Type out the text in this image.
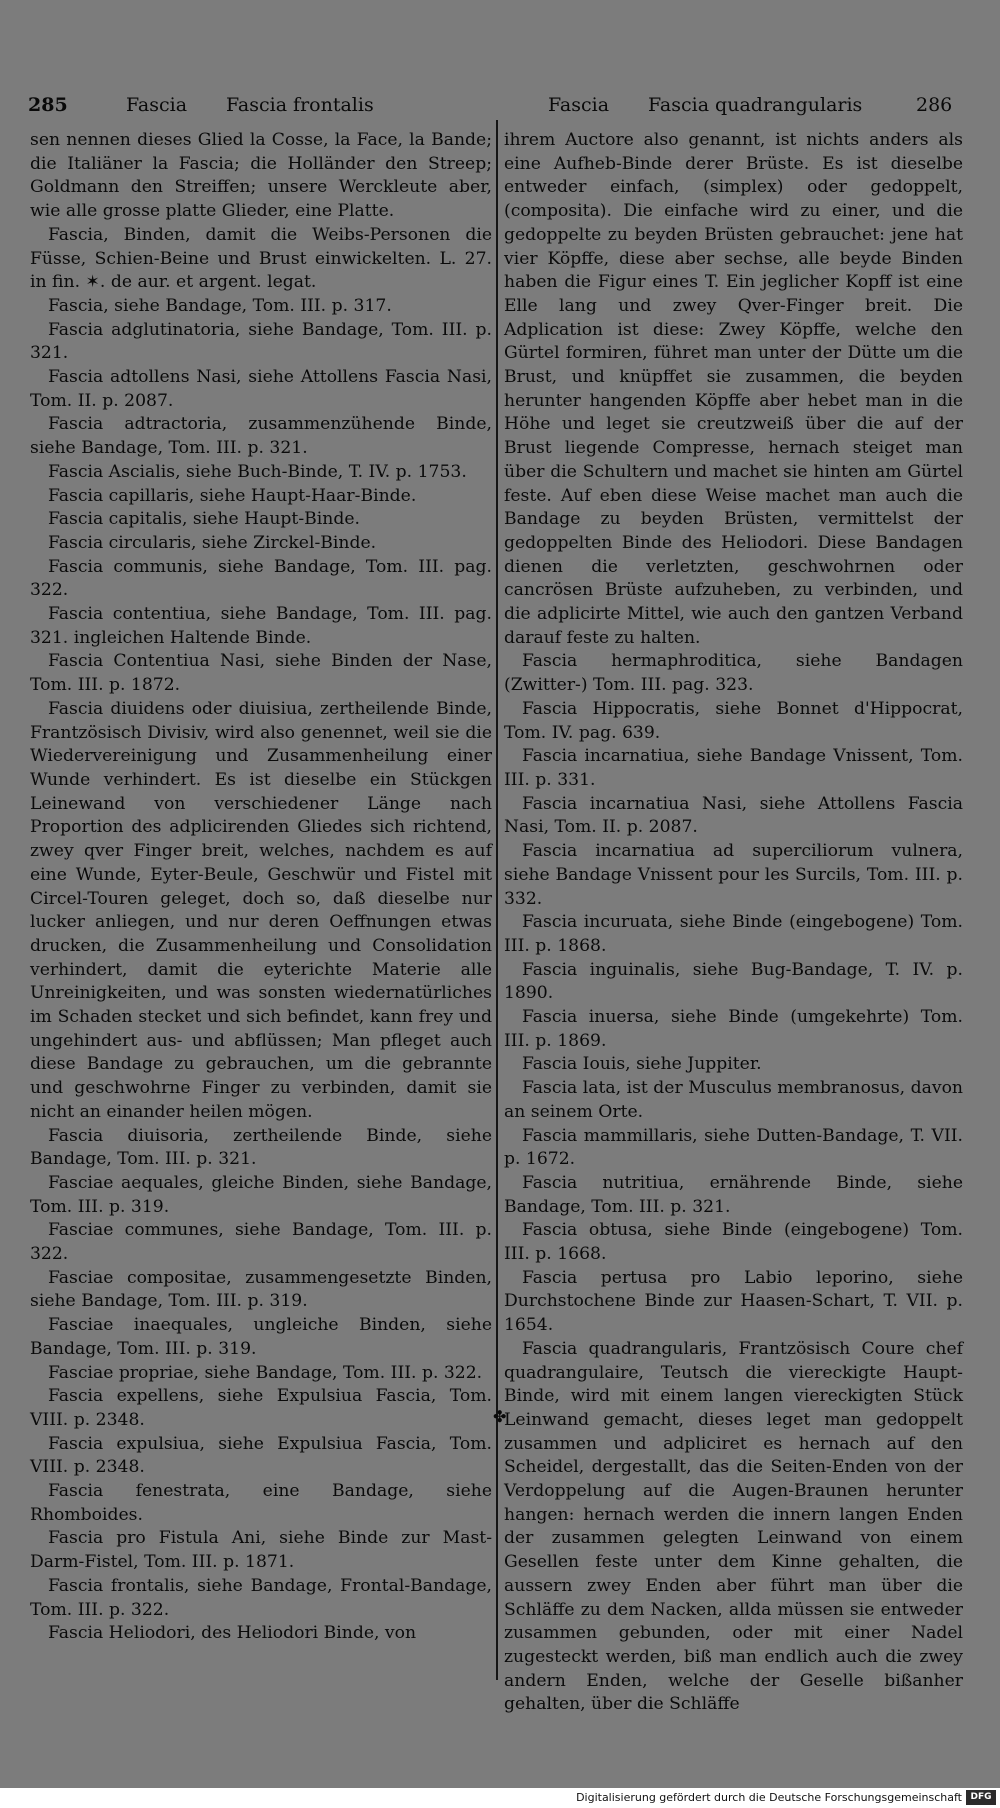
285	Fascia Fascia frontalis	Fascia Fascia quadrangularis	286
✤

sen nennen dieses Glied la Cosse, la Face, la Bande; die Italiäner la Fascia; die Holländer den Streep; Goldmann den Streiffen; unsere Werckleute aber, wie alle grosse platte Glieder, eine Platte.

Fascia, Binden, damit die Weibs-Personen die Füsse, Schien-Beine und Brust einwickelten. L. 27. in fin. ✶. de aur. et argent. legat.

Fascia, siehe Bandage, Tom. III. p. 317.

Fascia adglutinatoria, siehe Bandage, Tom. III. p. 321.

Fascia adtollens Nasi, siehe Attollens Fascia Nasi, Tom. II. p. 2087.

Fascia adtractoria, zusammenzühende Binde, siehe Bandage, Tom. III. p. 321.

Fascia Ascialis, siehe Buch-Binde, T. IV. p. 1753.

Fascia capillaris, siehe Haupt-Haar-Binde.

Fascia capitalis, siehe Haupt-Binde.

Fascia circularis, siehe Zirckel-Binde.

Fascia communis, siehe Bandage, Tom. III. pag. 322.

Fascia contentiua, siehe Bandage, Tom. III. pag. 321. ingleichen Haltende Binde.

Fascia Contentiua Nasi, siehe Binden der Nase, Tom. III. p. 1872.

Fascia diuidens oder diuisiua, zertheilende Binde, Frantzösisch Divisiv, wird also genennet, weil sie die Wiedervereinigung und Zusammenheilung einer Wunde verhindert. Es ist dieselbe ein Stückgen Leinewand von verschiedener Länge nach Proportion des adplicirenden Gliedes sich richtend, zwey qver Finger breit, welches, nachdem es auf eine Wunde, Eyter-Beule, Geschwür und Fistel mit Circel-Touren geleget, doch so, daß dieselbe nur lucker anliegen, und nur deren Oeffnungen etwas drucken, die Zusammenheilung und Consolidation verhindert, damit die eyterichte Materie alle Unreinigkeiten, und was sonsten wiedernatürliches im Schaden stecket und sich befindet, kann frey und ungehindert aus- und abflüssen; Man pfleget auch diese Bandage zu gebrauchen, um die gebrannte und geschwohrne Finger zu verbinden, damit sie nicht an einander heilen mögen.

Fascia diuisoria, zertheilende Binde, siehe Bandage, Tom. III. p. 321.

Fasciae aequales, gleiche Binden, siehe Bandage, Tom. III. p. 319.

Fasciae communes, siehe Bandage, Tom. III. p. 322.

Fasciae compositae, zusammengesetzte Binden, siehe Bandage, Tom. III. p. 319.

Fasciae inaequales, ungleiche Binden, siehe Bandage, Tom. III. p. 319.

Fasciae propriae, siehe Bandage, Tom. III. p. 322.

Fascia expellens, siehe Expulsiua Fascia, Tom. VIII. p. 2348.

Fascia expulsiua, siehe Expulsiua Fascia, Tom. VIII. p. 2348.

Fascia fenestrata, eine Bandage, siehe Rhomboides.

Fascia pro Fistula Ani, siehe Binde zur Mast-Darm-Fistel, Tom. III. p. 1871.

Fascia frontalis, siehe Bandage, Frontal-Bandage, Tom. III. p. 322.

Fascia Heliodori, des Heliodori Binde, von

ihrem Auctore also genannt, ist nichts anders als eine Aufheb-Binde derer Brüste. Es ist dieselbe entweder einfach, (simplex) oder gedoppelt, (composita). Die einfache wird zu einer, und die gedoppelte zu beyden Brüsten gebrauchet: jene hat vier Köpffe, diese aber sechse, alle beyde Binden haben die Figur eines T. Ein jeglicher Kopff ist eine Elle lang und zwey Qver-Finger breit. Die Adplication ist diese: Zwey Köpffe, welche den Gürtel formiren, führet man unter der Dütte um die Brust, und knüpffet sie zusammen, die beyden herunter hangenden Köpffe aber hebet man in die Höhe und leget sie creutzweiß über die auf der Brust liegende Compresse, hernach steiget man über die Schultern und machet sie hinten am Gürtel feste. Auf eben diese Weise machet man auch die Bandage zu beyden Brüsten, vermittelst der gedoppelten Binde des Heliodori. Diese Bandagen dienen die verletzten, geschwohrnen oder cancrösen Brüste aufzuheben, zu verbinden, und die adplicirte Mittel, wie auch den gantzen Verband darauf feste zu halten.

Fascia hermaphroditica, siehe Bandagen (Zwitter-) Tom. III. pag. 323.

Fascia Hippocratis, siehe Bonnet d'Hippocrat, Tom. IV. pag. 639.

Fascia incarnatiua, siehe Bandage Vnissent, Tom. III. p. 331.

Fascia incarnatiua Nasi, siehe Attollens Fascia Nasi, Tom. II. p. 2087.

Fascia incarnatiua ad superciliorum vulnera, siehe Bandage Vnissent pour les Surcils, Tom. III. p. 332.

Fascia incuruata, siehe Binde (eingebogene) Tom. III. p. 1868.

Fascia inguinalis, siehe Bug-Bandage, T. IV. p. 1890.

Fascia inuersa, siehe Binde (umgekehrte) Tom. III. p. 1869.

Fascia Iouis, siehe Juppiter.

Fascia lata, ist der Musculus membranosus, davon an seinem Orte.

Fascia mammillaris, siehe Dutten-Bandage, T. VII. p. 1672.

Fascia nutritiua, ernährende Binde, siehe Bandage, Tom. III. p. 321.

Fascia obtusa, siehe Binde (eingebogene) Tom. III. p. 1668.

Fascia pertusa pro Labio leporino, siehe Durchstochene Binde zur Haasen-Schart, T. VII. p. 1654.

Fascia quadrangularis, Frantzösisch Coure chef quadrangulaire, Teutsch die viereckigte Haupt-Binde, wird mit einem langen viereckigten Stück Leinwand gemacht, dieses leget man gedoppelt zusammen und adpliciret es hernach auf den Scheidel, dergestallt, das die Seiten-Enden von der Verdoppelung auf die Augen-Braunen herunter hangen: hernach werden die innern langen Enden der zusammen gelegten Leinwand von einem Gesellen feste unter dem Kinne gehalten, die aussern zwey Enden aber führt man über die Schläffe zu dem Nacken, allda müssen sie entweder zusammen gebunden, oder mit einer Nadel zugesteckt werden, biß man endlich auch die zwey andern Enden, welche der Geselle bißanher gehalten, über die Schläffe

Digitalisierung gefördert durch die Deutsche Forschungsgemeinschaft DFG
